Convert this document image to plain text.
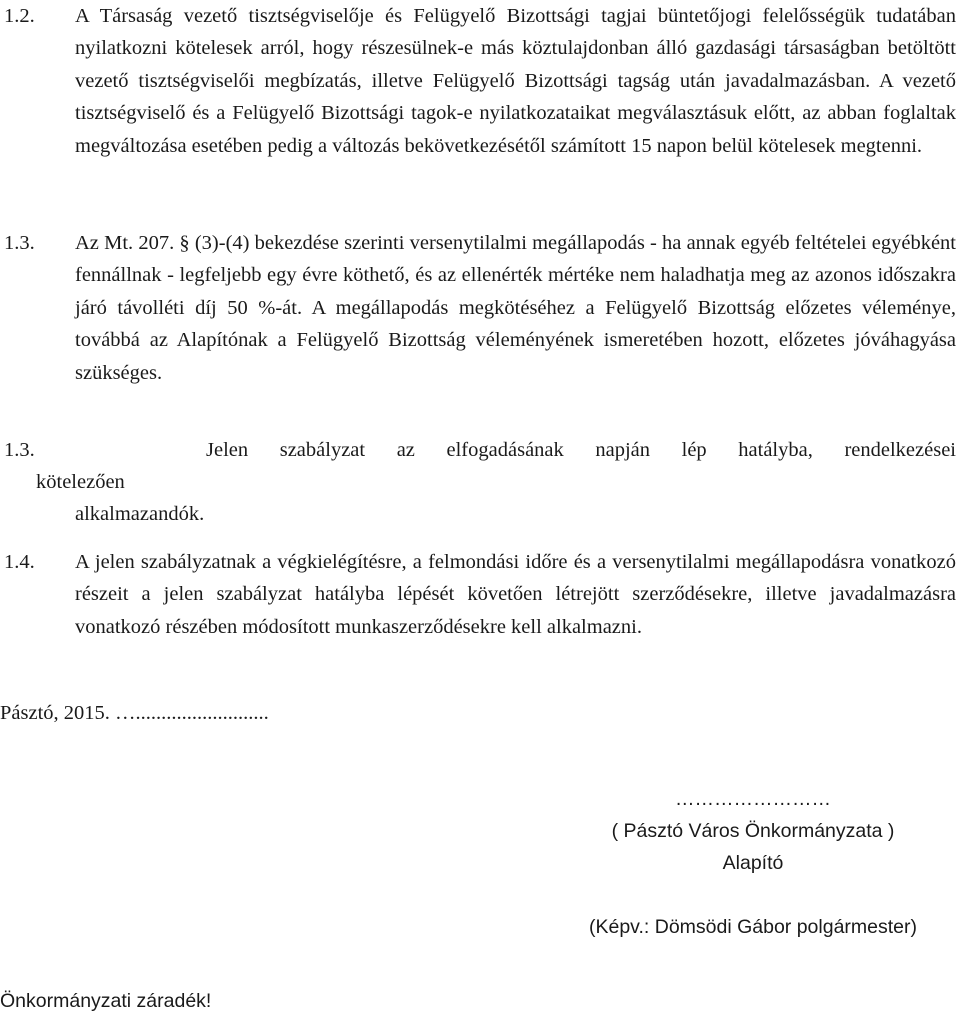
1.2. A Társaság vezető tisztségviselője és Felügyelő Bizottsági tagjai büntetőjogi felelősségük tudatában nyilatkozni kötelesek arról, hogy részesülnek-e más köztulajdonban álló gazdasági társaságban betöltött vezető tisztségviselői megbízatás, illetve Felügyelő Bizottsági tagság után javadalmazásban. A vezető tisztségviselő és a Felügyelő Bizottsági tagok-e nyilatkozataikat megválasztásuk előtt, az abban foglaltak megváltozása esetében pedig a változás bekövetkezésétől számított 15 napon belül kötelesek megtenni.
1.3. Az Mt. 207. § (3)-(4) bekezdése szerinti versenytilalmi megállapodás - ha annak egyéb feltételei egyébként fennállnak - legfeljebb egy évre köthető, és az ellenérték mértéke nem haladhatja meg az azonos időszakra járó távolléti díj 50 %-át. A megállapodás megkötéséhez a Felügyelő Bizottság előzetes véleménye, továbbá az Alapítónak a Felügyelő Bizottság véleményének ismeretében hozott, előzetes jóváhagyása szükséges.
1.3.	Jelen szabályzat az elfogadásának napján lép hatályba, rendelkezései
kötelezően
alkalmazandók.
1.4. A jelen szabályzatnak a végkielégítésre, a felmondási időre és a versenytilalmi megállapodásra vonatkozó részeit a jelen szabályzat hatályba lépését követően létrejött szerződésekre, illetve javadalmazásra vonatkozó részében módosított munkaszerződésekre kell alkalmazni.
Pásztó, 2015. …..........................
……………………
( Pásztó Város Önkormányzata )
Alapító

(Képv.: Dömsödi Gábor polgármester)
Önkormányzati záradék!
